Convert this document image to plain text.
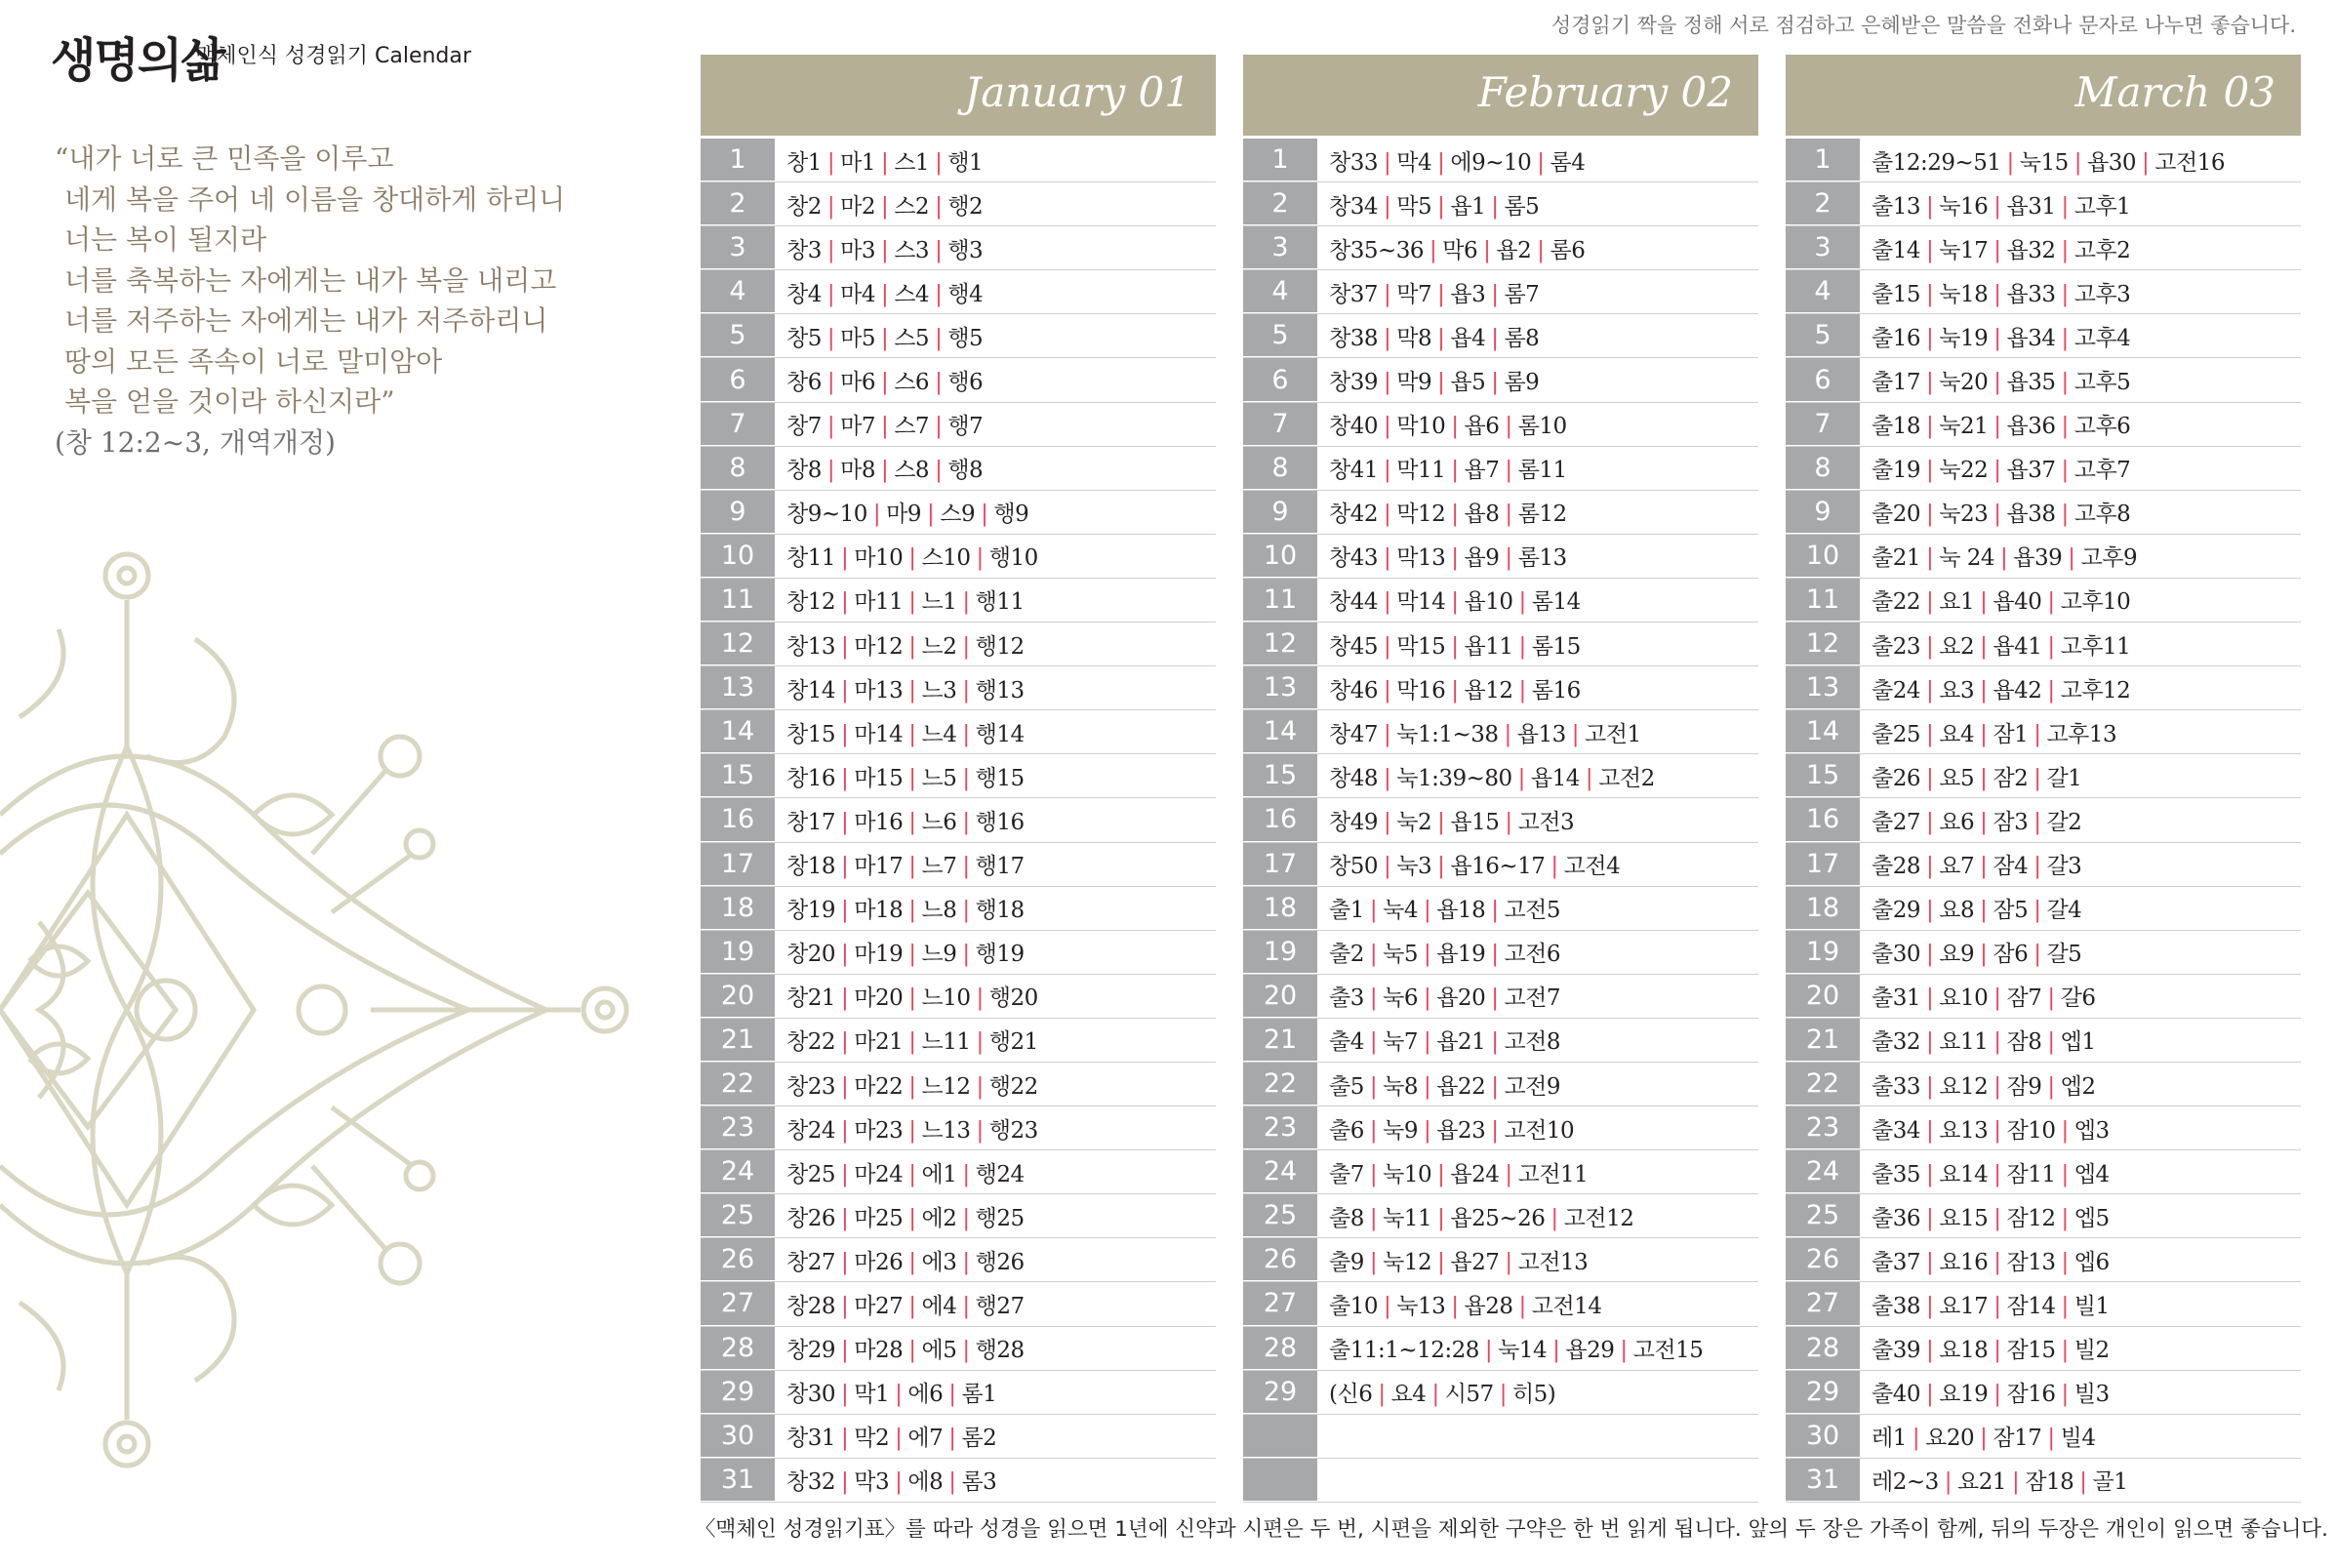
성경읽기 짝을 정해 서로 점검하고 은혜받은 말씀을 전화나 문자로 나누면 좋습니다.
생명의삶
맥체인식 성경읽기 Calendar
“내가 너로 큰 민족을 이루고
네게 복을 주어 네 이름을 창대하게 하리니
너는 복이 될지라
너를 축복하는 자에게는 내가 복을 내리고
너를 저주하는 자에게는 내가 저주하리니
땅의 모든 족속이 너로 말미암아
복을 얻을 것이라 하신지라”
(창 12:2~3, 개역개정)
January 01
1	창1 | 마1 | 스1 | 행1
2	창2 | 마2 | 스2 | 행2
3	창3 | 마3 | 스3 | 행3
4	창4 | 마4 | 스4 | 행4
5	창5 | 마5 | 스5 | 행5
6	창6 | 마6 | 스6 | 행6
7	창7 | 마7 | 스7 | 행7
8	창8 | 마8 | 스8 | 행8
9	창9~10 | 마9 | 스9 | 행9
10	창11 | 마10 | 스10 | 행10
11	창12 | 마11 | 느1 | 행11
12	창13 | 마12 | 느2 | 행12
13	창14 | 마13 | 느3 | 행13
14	창15 | 마14 | 느4 | 행14
15	창16 | 마15 | 느5 | 행15
16	창17 | 마16 | 느6 | 행16
17	창18 | 마17 | 느7 | 행17
18	창19 | 마18 | 느8 | 행18
19	창20 | 마19 | 느9 | 행19
20	창21 | 마20 | 느10 | 행20
21	창22 | 마21 | 느11 | 행21
22	창23 | 마22 | 느12 | 행22
23	창24 | 마23 | 느13 | 행23
24	창25 | 마24 | 에1 | 행24
25	창26 | 마25 | 에2 | 행25
26	창27 | 마26 | 에3 | 행26
27	창28 | 마27 | 에4 | 행27
28	창29 | 마28 | 에5 | 행28
29	창30 | 막1 | 에6 | 롬1
30	창31 | 막2 | 에7 | 롬2
31	창32 | 막3 | 에8 | 롬3
February 02
1	창33 | 막4 | 에9~10 | 롬4
2	창34 | 막5 | 욥1 | 롬5
3	창35~36 | 막6 | 욥2 | 롬6
4	창37 | 막7 | 욥3 | 롬7
5	창38 | 막8 | 욥4 | 롬8
6	창39 | 막9 | 욥5 | 롬9
7	창40 | 막10 | 욥6 | 롬10
8	창41 | 막11 | 욥7 | 롬11
9	창42 | 막12 | 욥8 | 롬12
10	창43 | 막13 | 욥9 | 롬13
11	창44 | 막14 | 욥10 | 롬14
12	창45 | 막15 | 욥11 | 롬15
13	창46 | 막16 | 욥12 | 롬16
14	창47 | 눅1:1~38 | 욥13 | 고전1
15	창48 | 눅1:39~80 | 욥14 | 고전2
16	창49 | 눅2 | 욥15 | 고전3
17	창50 | 눅3 | 욥16~17 | 고전4
18	출1 | 눅4 | 욥18 | 고전5
19	출2 | 눅5 | 욥19 | 고전6
20	출3 | 눅6 | 욥20 | 고전7
21	출4 | 눅7 | 욥21 | 고전8
22	출5 | 눅8 | 욥22 | 고전9
23	출6 | 눅9 | 욥23 | 고전10
24	출7 | 눅10 | 욥24 | 고전11
25	출8 | 눅11 | 욥25~26 | 고전12
26	출9 | 눅12 | 욥27 | 고전13
27	출10 | 눅13 | 욥28 | 고전14
28	출11:1~12:28 | 눅14 | 욥29 | 고전15
29	(신6 | 요4 | 시57 | 히5)
March 03
1	출12:29~51 | 눅15 | 욥30 | 고전16
2	출13 | 눅16 | 욥31 | 고후1
3	출14 | 눅17 | 욥32 | 고후2
4	출15 | 눅18 | 욥33 | 고후3
5	출16 | 눅19 | 욥34 | 고후4
6	출17 | 눅20 | 욥35 | 고후5
7	출18 | 눅21 | 욥36 | 고후6
8	출19 | 눅22 | 욥37 | 고후7
9	출20 | 눅23 | 욥38 | 고후8
10	출21 | 눅 24 | 욥39 | 고후9
11	출22 | 요1 | 욥40 | 고후10
12	출23 | 요2 | 욥41 | 고후11
13	출24 | 요3 | 욥42 | 고후12
14	출25 | 요4 | 잠1 | 고후13
15	출26 | 요5 | 잠2 | 갈1
16	출27 | 요6 | 잠3 | 갈2
17	출28 | 요7 | 잠4 | 갈3
18	출29 | 요8 | 잠5 | 갈4
19	출30 | 요9 | 잠6 | 갈5
20	출31 | 요10 | 잠7 | 갈6
21	출32 | 요11 | 잠8 | 엡1
22	출33 | 요12 | 잠9 | 엡2
23	출34 | 요13 | 잠10 | 엡3
24	출35 | 요14 | 잠11 | 엡4
25	출36 | 요15 | 잠12 | 엡5
26	출37 | 요16 | 잠13 | 엡6
27	출38 | 요17 | 잠14 | 빌1
28	출39 | 요18 | 잠15 | 빌2
29	출40 | 요19 | 잠16 | 빌3
30	레1 | 요20 | 잠17 | 빌4
31	레2~3 | 요21 | 잠18 | 골1
〈맥체인 성경읽기표〉를 따라 성경을 읽으면 1년에 신약과 시편은 두 번, 시편을 제외한 구약은 한 번 읽게 됩니다. 앞의 두 장은 가족이 함께, 뒤의 두장은 개인이 읽으면 좋습니다.
